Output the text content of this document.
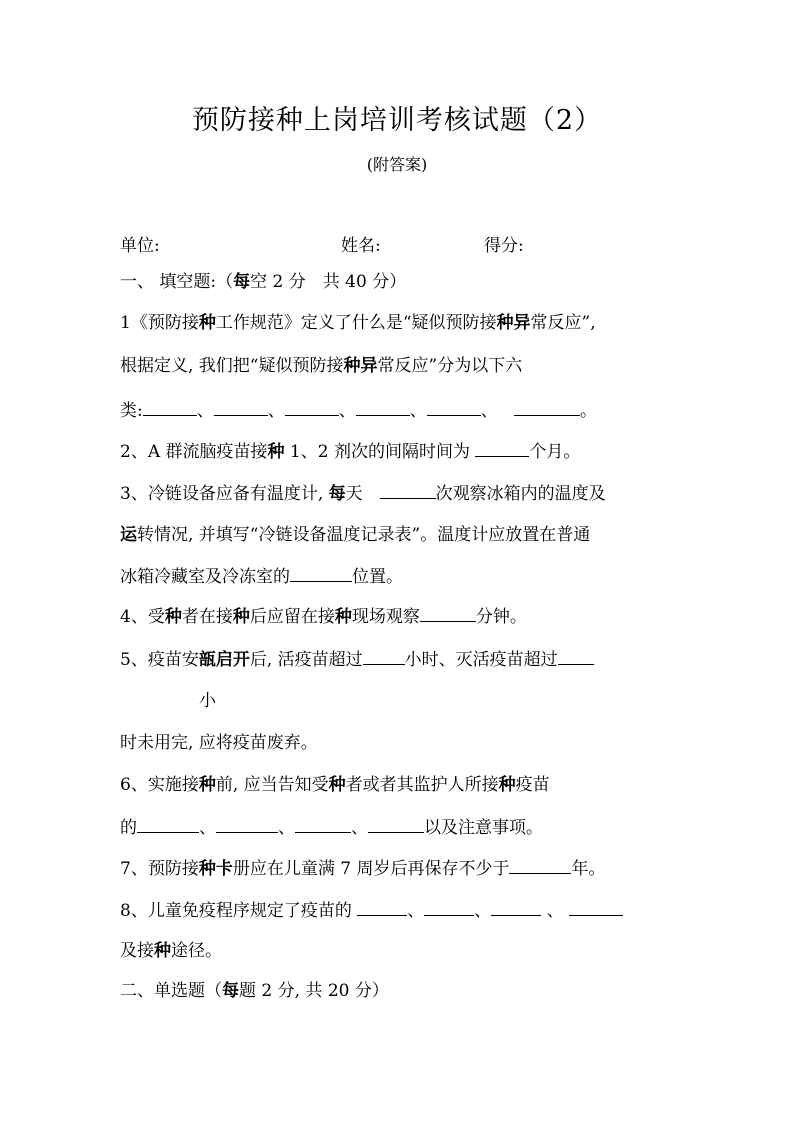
预防接种上岗培训考核试题（2）
(附答案)
单位:	姓名:	得分:
一、 填空题:（每空 2 分　共 40 分）
1《预防接种工作规范》定义了什么是“疑似预防接种异常反应”,
根据定义, 我们把“疑似预防接种异常反应”分为以下六
类:	、	、	、	、	、	。
2、A 群流脑疫苗接种 1、2 剂次的间隔时间为	个月。
3、冷链设备应备有温度计, 每天　	次观察冰箱内的温度及
运转情况, 并填写“冷链设备温度记录表”。温度计应放置在普通
冰箱冷藏室及冷冻室的	位置。
4、受种者在接种后应留在接种现场观察	分钟。
5、疫苗安瓿启开后, 活疫苗超过 小时、灭活疫苗超过
小
时未用完, 应将疫苗废弃。
6、实施接种前, 应当告知受种者或者其监护人所接种疫苗
的	、	、	、	以及注意事项。
7、预防接种卡册应在儿童满 7 周岁后再保存不少于	年。
8、儿童免疫程序规定了疫苗的	、	、	、
及接种途径。
二、单选题（每题 2 分, 共 20 分）
